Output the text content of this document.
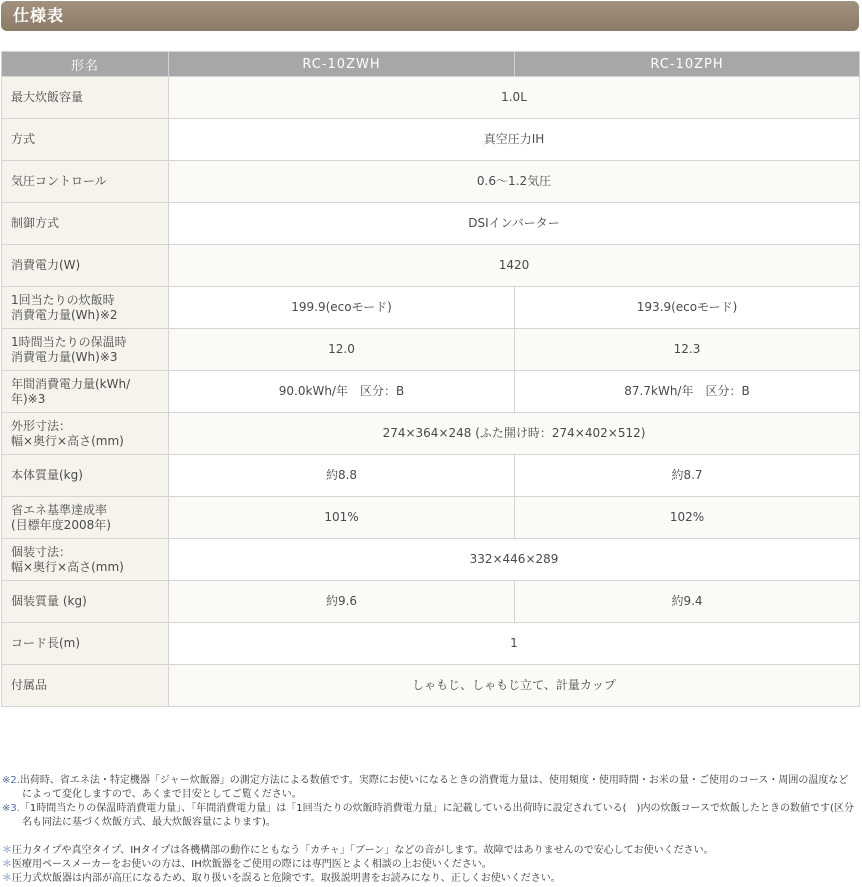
仕様表
形名	RC-10ZWH	RC-10ZPH
最大炊飯容量	1.0L	
方式	真空圧力IH	
気圧コントロール	0.6～1.2気圧	
制御方式	DSIインバーター	
消費電力(W)	1420	
1回当たりの炊飯時
消費電力量(Wh)※2	199.9(ecoモード)	193.9(ecoモード)
1時間当たりの保温時
消費電力量(Wh)※3	12.0	12.3
年間消費電力量(kWh/年)※3	90.0kWh/年　区分：B	87.7kWh/年　区分：B
外形寸法：
幅×奥行×高さ(mm)	274×364×248 (ふた開け時：274×402×512)	
本体質量(kg)	約8.8	約8.7
省エネ基準達成率
(目標年度2008年)	101%	102%
個装寸法：
幅×奥行×高さ(mm)	332×446×289	
個装質量 (kg)	約9.6	約9.4
コード長(m)	1	
付属品	しゃもじ、しゃもじ立て、計量カップ	

※2.出荷時、省エネ法・特定機器「ジャー炊飯器」の測定方法による数値です。実際にお使いになるときの消費電力量は、使用頻度・使用時間・お米の量・ご使用のコース・周囲の温度などによって変化しますので、あくまで目安としてご覧ください。

※3.「1時間当たりの保温時消費電力量」、「年間消費電力量」は「1回当たりの炊飯時消費電力量」に記載している出荷時に設定されている(　)内の炊飯コースで炊飯したときの数値です(区分名も同法に基づく炊飯方式、最大炊飯容量によります)。

＊圧力タイプや真空タイプ、IHタイプは各機構部の動作にともなう「カチャ」「ブーン」などの音がします。故障ではありませんので安心してお使いください。

＊医療用ペースメーカーをお使いの方は、IH炊飯器をご使用の際には専門医とよく相談の上お使いください。

＊圧力式炊飯器は内部が高圧になるため、取り扱いを誤ると危険です。取扱説明書をお読みになり、正しくお使いください。
